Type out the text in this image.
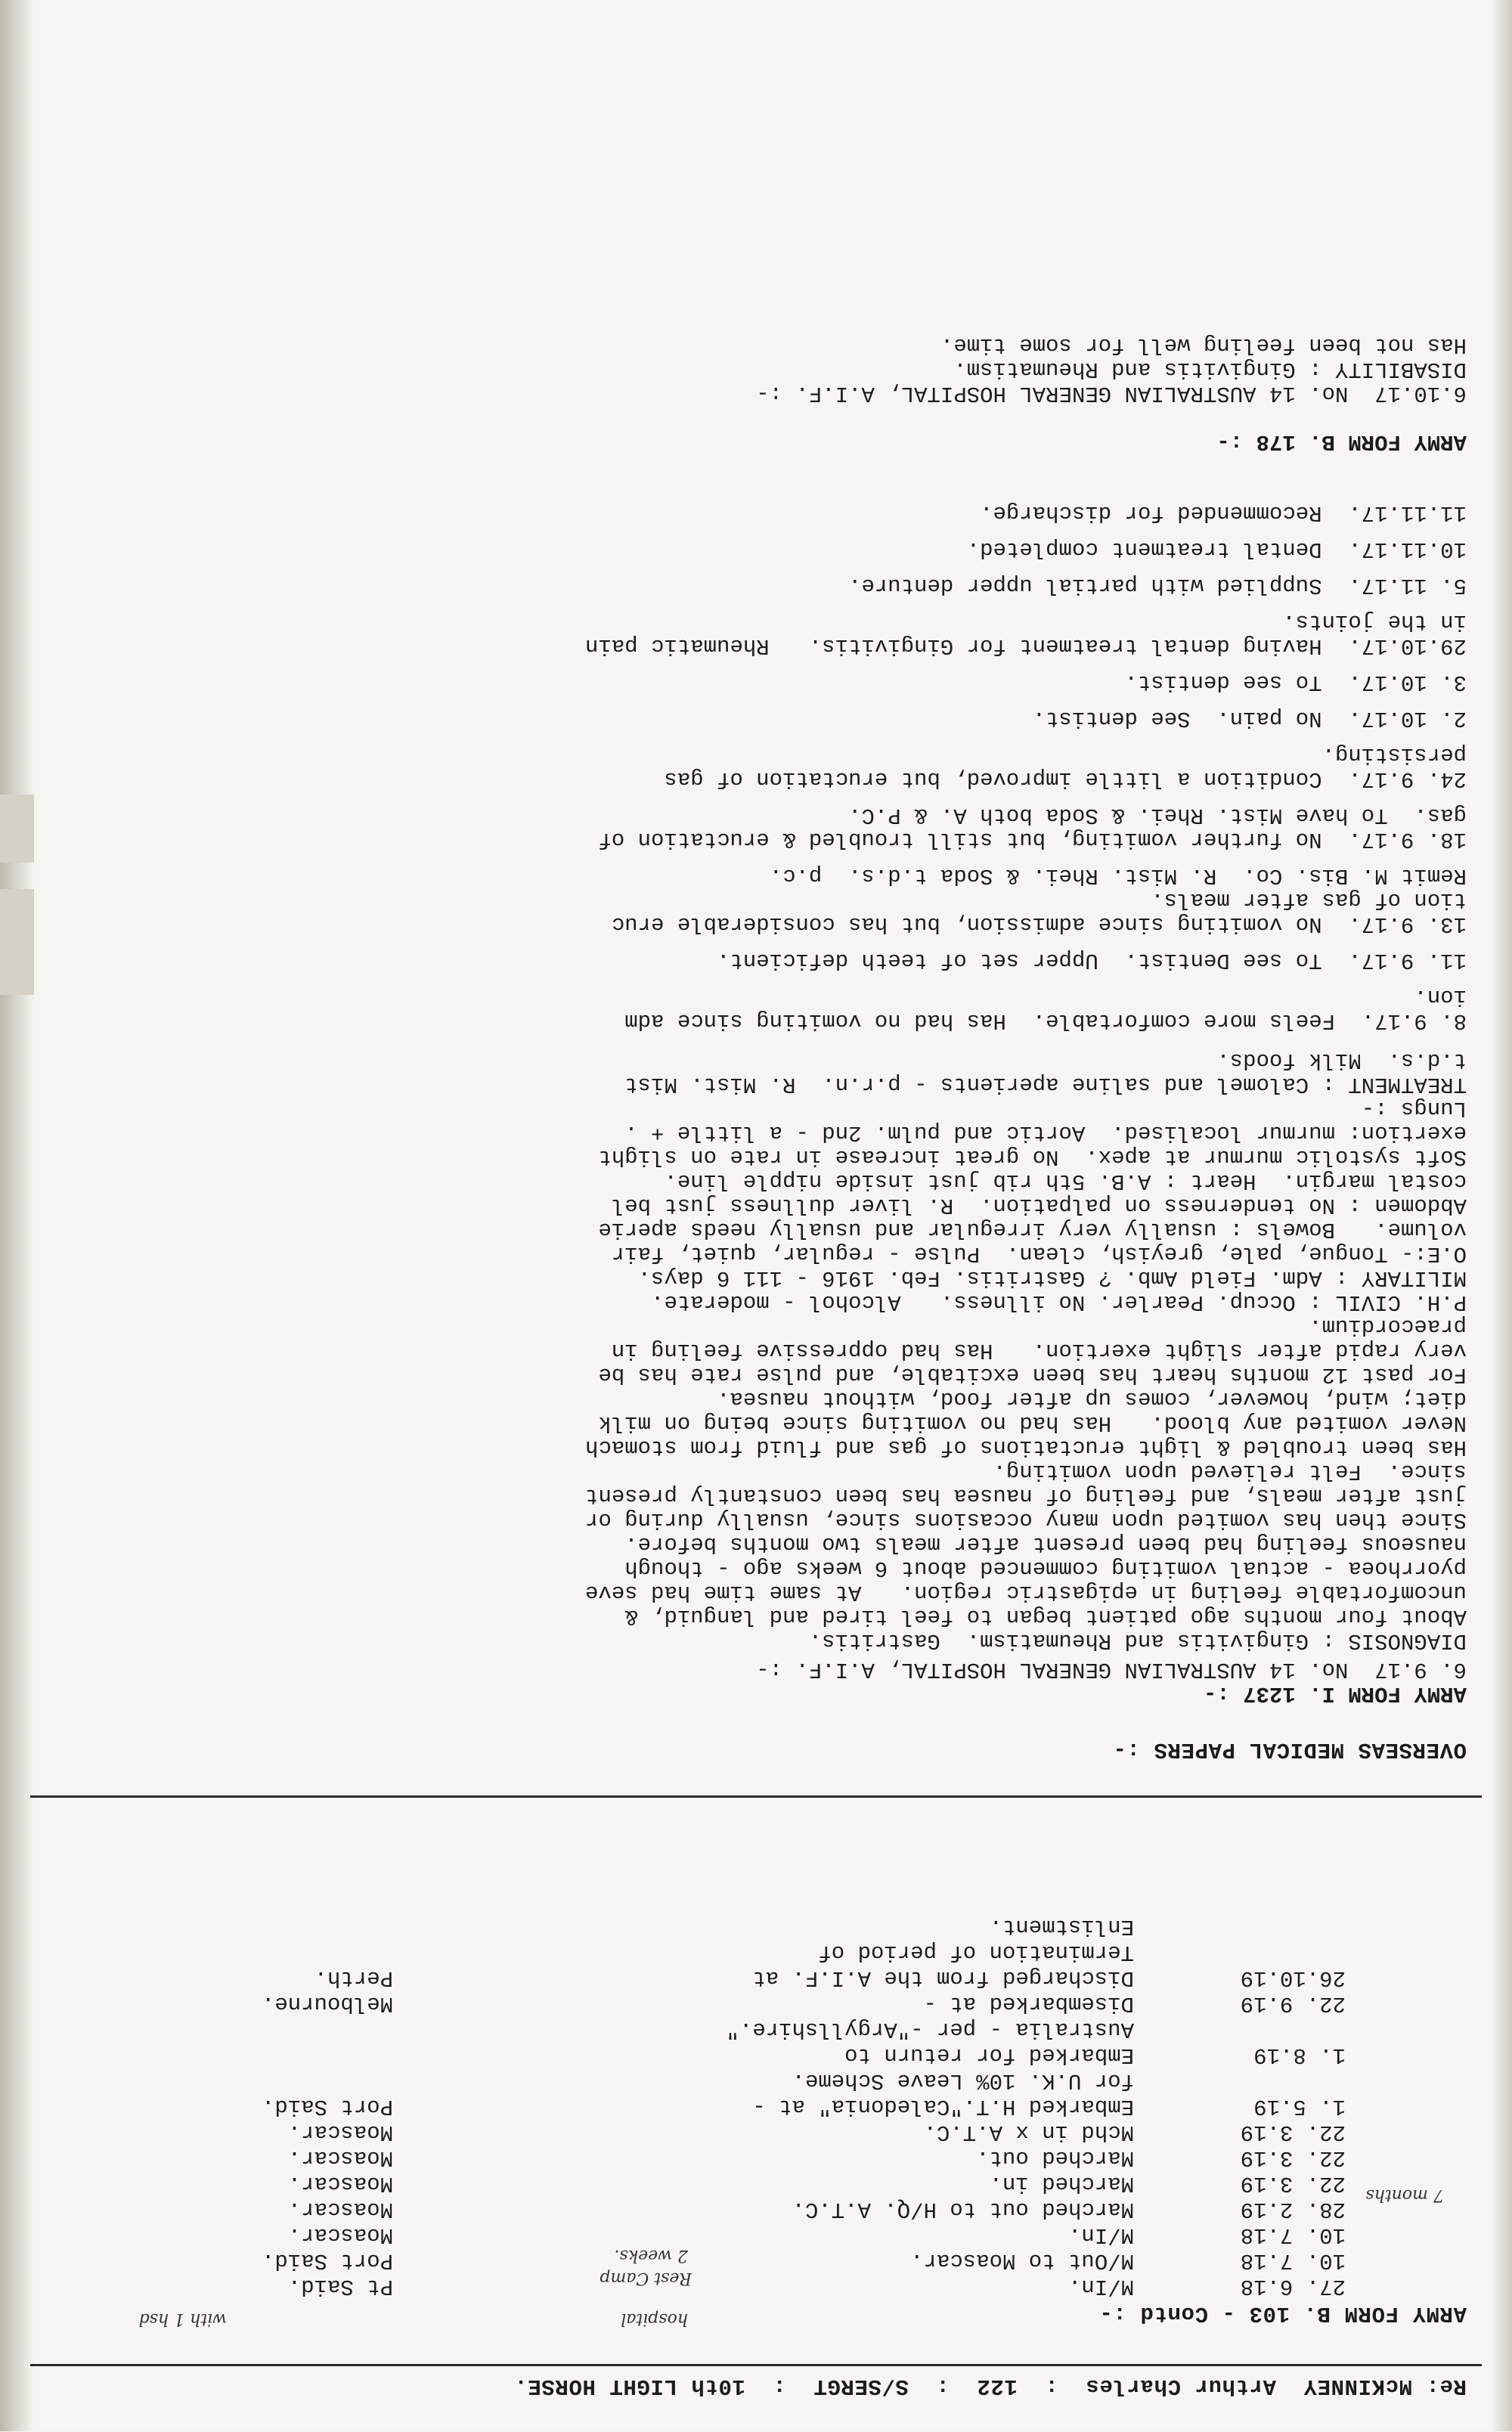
Re: McKINNEY  Arthur Charles  :  122  :  S/SERGT  :  10th LIGHT HORSE.
ARMY FORM B. 103 - Contd :-
with 1 hsd	hospital
Rest Camp
2 weeks.
7 months
27. 6.18
M/In.
Pt Said.
10. 7.18
M/Out to Moascar.
Port Said.
10. 7.18
M/In.
Moascar.
28. 2.19
Marched out to H/Q. A.T.C.
Moascar.
22. 3.19
Marched in.
Moascar.
22. 3.19
Marched out.
Moascar.
22. 3.19
Mchd in x A.T.C.
Moascar.
1. 5.19
Embarked H.T."Caledonia" at -
Port Said.
for U.K. 10% Leave Scheme.
1. 8.19
Embarked for return to
Australia - per -"Argyllshire."
22. 9.19
Disembarked at -
Melbourne.
26.10.19
Discharged from the A.I.F. at
Perth.
Termination of period of
Enlistment.
OVERSEAS MEDICAL PAPERS :-
ARMY FORM I. 1237 :-
6. 9.17  No. 14 AUSTRALIAN GENERAL HOSPITAL, A.I.F. :-
DIAGNOSIS : Gingivitis and Rheumatism.  Gastritis.
About four months ago patient began to feel tired and languid, &
uncomfortable feeling in epigastric region.   At same time had seve
pyorrhoea - actual vomiting commenced about 6 weeks ago - though
nauseous feeling had been present after meals two months before.
Since then has vomited upon many occasions since, usually during or
just after meals, and feeling of nausea has been constantly present
since.  Felt relieved upon vomiting.
Has been troubled & light eructations of gas and fluid from stomach
Never vomited any blood.   Has had no vomiting since being on milk
diet; wind, however, comes up after food, without nausea.
For past 12 months heart has been excitable, and pulse rate has be
very rapid after slight exertion.   Has had oppressive feeling in
praecordium.
P.H. CIVIL : Occup. Pearler. No illness.   Alcohol - moderate.
MILITARY : Adm. Field Amb. ? Gastritis. Feb. 1916 - 111 6 days.
O.E:- Tongue, pale, greyish, clean.  Pulse - regular, quiet, fair
volume.   Bowels : usually very irregular and usually needs aperie
Abdomen : No tenderness on palpation.  R. liver dullness just bel
costal margin.  Heart : A.B. 5th rib just inside nipple line.
Soft systolic murmur at apex.  No great increase in rate on slight
exertion: murmur localised.  Aortic and pulm. 2nd - a little + .
Lungs :-
TREATMENT : Calomel and saline aperients - p.r.n.  R. Mist. Mist
t.d.s.  Milk foods.
8. 9.17.  Feels more comfortable.  Has had no vomiting since adm
ion.
11. 9.17.  To see Dentist.  Upper set of teeth deficient.
13. 9.17.  No vomiting since admission, but has considerable eruc
tion of gas after meals.
Remit M. Bis. Co.  R. Mist. Rhei. & Soda t.d.s.  p.c.
18. 9.17.  No further vomiting, but still troubled & eructation of
gas.  To have Mist. Rhei. & Soda both A. & P.C.
24. 9.17.  Condition a little improved, but eructation of gas
persisting.
2. 10.17.  No pain.  See dentist.
3. 10.17.  To see dentist.
29.10.17.  Having dental treatment for Gingivitis.   Rheumatic pain
in the joints.
5. 11.17.  Supplied with partial upper denture.
10.11.17.  Dental treatment completed.
11.11.17.  Recommended for discharge.
ARMY FORM B. 178 :-
6.10.17  No. 14 AUSTRALIAN GENERAL HOSPITAL, A.I.F. :-
DISABILITY : Gingivitis and Rheumatism.
Has not been feeling well for some time.
